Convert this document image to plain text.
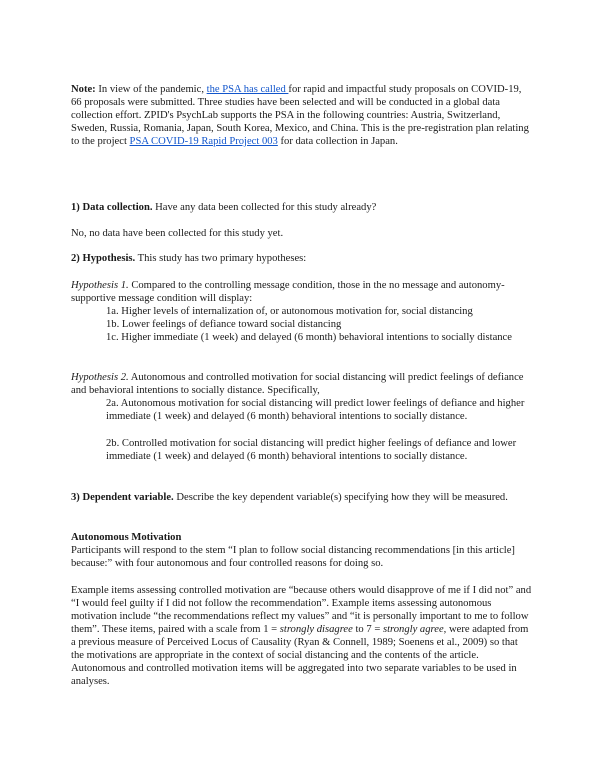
Note: In view of the pandemic, the PSA has called for rapid and impactful study proposals on COVID-19, 66 proposals were submitted. Three studies have been selected and will be conducted in a global data collection effort. ZPID's PsychLab supports the PSA in the following countries: Austria, Switzerland, Sweden, Russia, Romania, Japan, South Korea, Mexico, and China. This is the pre-registration plan relating to the project PSA COVID-19 Rapid Project 003 for data collection in Japan.

1) Data collection. Have any data been collected for this study already?

No, no data have been collected for this study yet.

2) Hypothesis. This study has two primary hypotheses:

Hypothesis 1. Compared to the controlling message condition, those in the no message and autonomy-supportive message condition will display:

1a. Higher levels of internalization of, or autonomous motivation for, social distancing

1b. Lower feelings of defiance toward social distancing

1c. Higher immediate (1 week) and delayed (6 month) behavioral intentions to socially distance

Hypothesis 2. Autonomous and controlled motivation for social distancing will predict feelings of defiance and behavioral intentions to socially distance. Specifically,

2a. Autonomous motivation for social distancing will predict lower feelings of defiance and higher immediate (1 week) and delayed (6 month) behavioral intentions to socially distance.

2b. Controlled motivation for social distancing will predict higher feelings of defiance and lower immediate (1 week) and delayed (6 month) behavioral intentions to socially distance.

3) Dependent variable. Describe the key dependent variable(s) specifying how they will be measured.

Autonomous Motivation

Participants will respond to the stem “I plan to follow social distancing recommendations [in this article] because:” with four autonomous and four controlled reasons for doing so.

Example items assessing controlled motivation are “because others would disapprove of me if I did not” and “I would feel guilty if I did not follow the recommendation”. Example items assessing autonomous motivation include “the recommendations reflect my values” and “it is personally important to me to follow them”. These items, paired with a scale from 1 = strongly disagree to 7 = strongly agree, were adapted from a previous measure of Perceived Locus of Causality (Ryan & Connell, 1989; Soenens et al., 2009) so that the motivations are appropriate in the context of social distancing and the contents of the article. Autonomous and controlled motivation items will be aggregated into two separate variables to be used in analyses.
